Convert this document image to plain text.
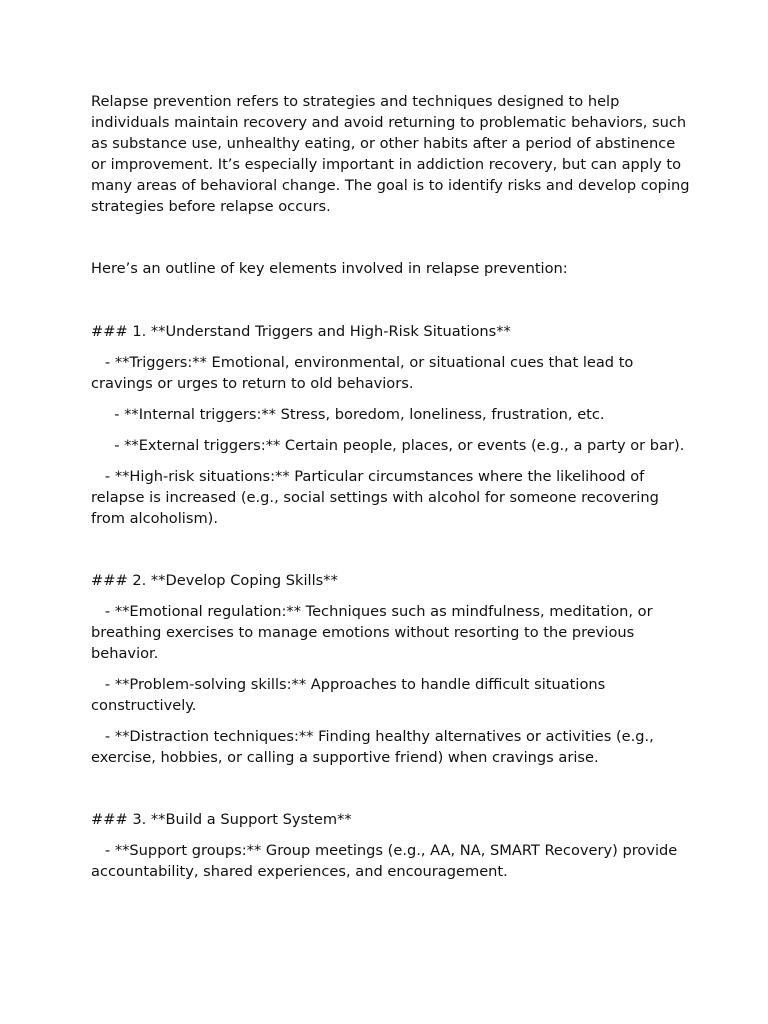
Relapse prevention refers to strategies and techniques designed to help individuals maintain recovery and avoid returning to problematic behaviors, such as substance use, unhealthy eating, or other habits after a period of abstinence or improvement. It’s especially important in addiction recovery, but can apply to many areas of behavioral change. The goal is to identify risks and develop coping strategies before relapse occurs.

Here’s an outline of key elements involved in relapse prevention:

### 1. **Understand Triggers and High-Risk Situations**

- **Triggers:** Emotional, environmental, or situational cues that lead to cravings or urges to return to old behaviors.

- **Internal triggers:** Stress, boredom, loneliness, frustration, etc.

- **External triggers:** Certain people, places, or events (e.g., a party or bar).

- **High-risk situations:** Particular circumstances where the likelihood of relapse is increased (e.g., social settings with alcohol for someone recovering from alcoholism).

### 2. **Develop Coping Skills**

- **Emotional regulation:** Techniques such as mindfulness, meditation, or breathing exercises to manage emotions without resorting to the previous behavior.

- **Problem-solving skills:** Approaches to handle difficult situations constructively.

- **Distraction techniques:** Finding healthy alternatives or activities (e.g., exercise, hobbies, or calling a supportive friend) when cravings arise.

### 3. **Build a Support System**

- **Support groups:** Group meetings (e.g., AA, NA, SMART Recovery) provide accountability, shared experiences, and encouragement.
